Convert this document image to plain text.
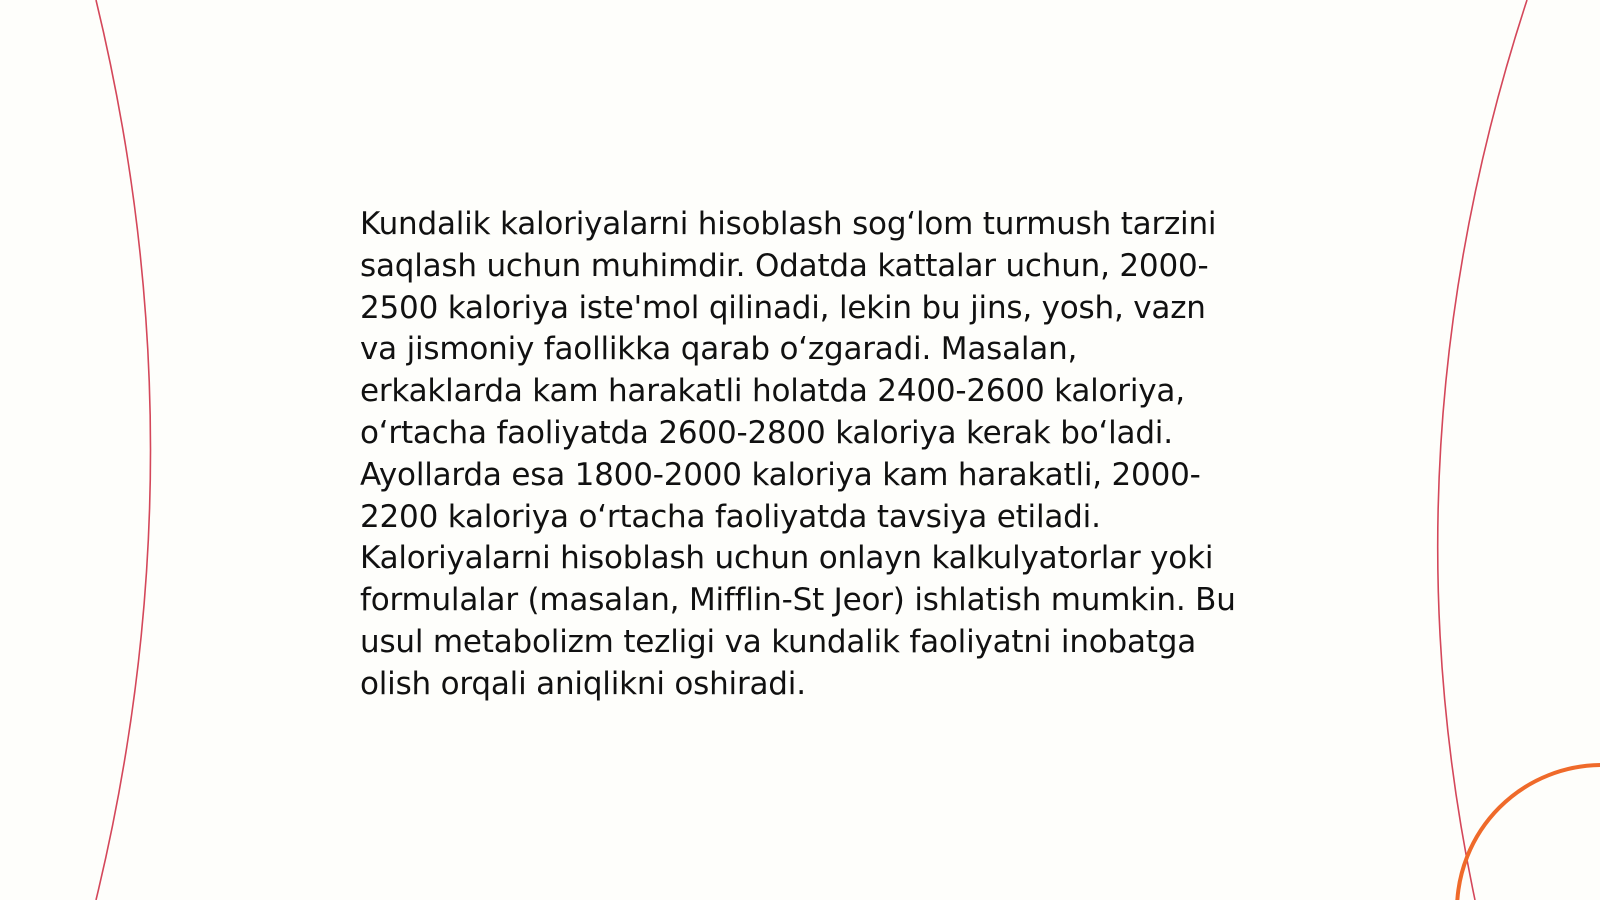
Kundalik kaloriyalarni hisoblash sogʻlom turmush tarzini saqlash uchun muhimdir. Odatda kattalar uchun, 2000-2500 kaloriya iste'mol qilinadi, lekin bu jins, yosh, vazn va jismoniy faollikka qarab oʻzgaradi. Masalan, erkaklarda kam harakatli holatda 2400-2600 kaloriya, oʻrtacha faoliyatda 2600-2800 kaloriya kerak boʻladi. Ayollarda esa 1800-2000 kaloriya kam harakatli, 2000-2200 kaloriya oʻrtacha faoliyatda tavsiya etiladi. Kaloriyalarni hisoblash uchun onlayn kalkulyatorlar yoki formulalar (masalan, Mifflin-St Jeor) ishlatish mumkin. Bu usul metabolizm tezligi va kundalik faoliyatni inobatga olish orqali aniqlikni oshiradi.
